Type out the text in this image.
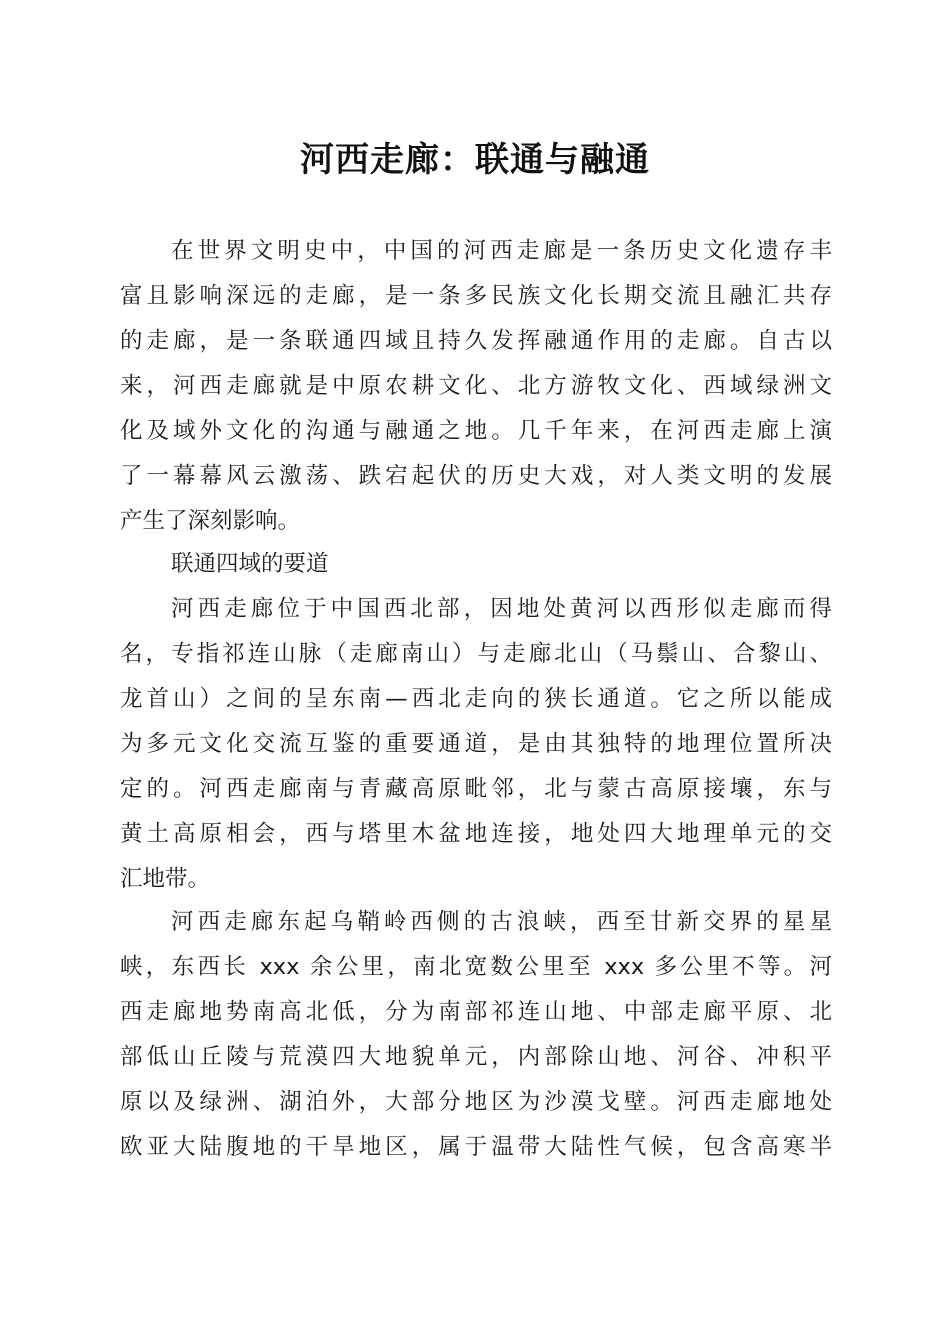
河西走廊：联通与融通
在世界文明史中，中国的河西走廊是一条历史文化遗存丰
富且影响深远的走廊，是一条多民族文化长期交流且融汇共存
的走廊，是一条联通四域且持久发挥融通作用的走廊。自古以
来，河西走廊就是中原农耕文化、北方游牧文化、西域绿洲文
化及域外文化的沟通与融通之地。几千年来，在河西走廊上演
了一幕幕风云激荡、跌宕起伏的历史大戏，对人类文明的发展
产生了深刻影响。
联通四域的要道
河西走廊位于中国西北部，因地处黄河以西形似走廊而得
名，专指祁连山脉（走廊南山）与走廊北山（马鬃山、合黎山、
龙首山）之间的呈东南—西北走向的狭长通道。它之所以能成
为多元文化交流互鉴的重要通道，是由其独特的地理位置所决
定的。河西走廊南与青藏高原毗邻，北与蒙古高原接壤，东与
黄土高原相会，西与塔里木盆地连接，地处四大地理单元的交
汇地带。
河西走廊东起乌鞘岭西侧的古浪峡，西至甘新交界的星星
峡，东西长 xxx 余公里，南北宽数公里至 xxx 多公里不等。河
西走廊地势南高北低，分为南部祁连山地、中部走廊平原、北
部低山丘陵与荒漠四大地貌单元，内部除山地、河谷、冲积平
原以及绿洲、湖泊外，大部分地区为沙漠戈壁。河西走廊地处
欧亚大陆腹地的干旱地区，属于温带大陆性气候，包含高寒半
